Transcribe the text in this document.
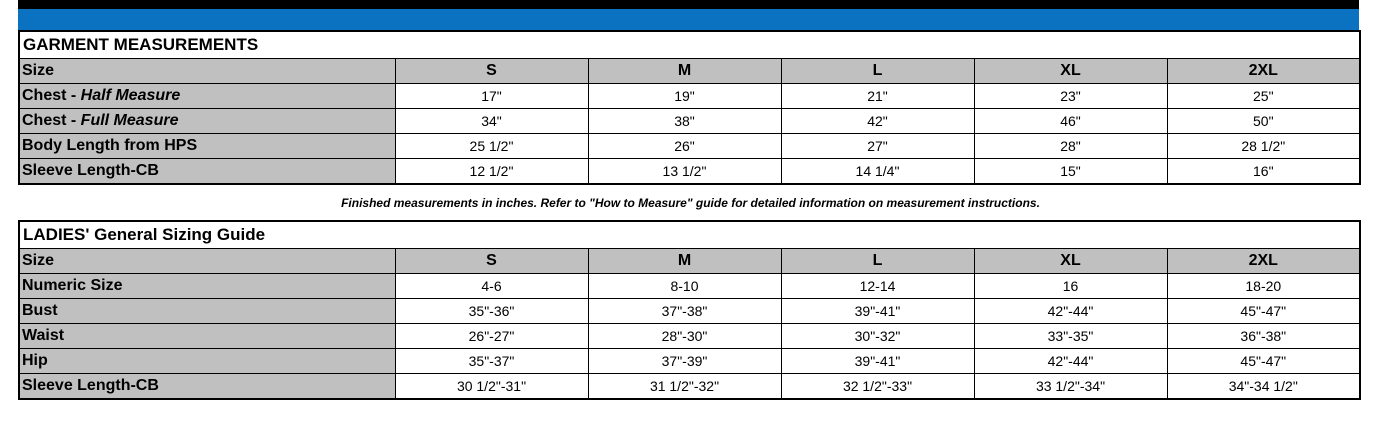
GARMENT MEASUREMENTS					
Size	S	M	L	XL	2XL
Chest - Half Measure	17"	19"	21"	23"	25"
Chest - Full Measure	34"	38"	42"	46"	50"
Body Length from HPS	25 1/2"	26"	27"	28"	28 1/2"
Sleeve Length-CB	12 1/2"	13 1/2"	14 1/4"	15"	16"
Finished measurements in inches. Refer to "How to Measure" guide for detailed information on measurement instructions.
LADIES' General Sizing Guide					
Size	S	M	L	XL	2XL
Numeric Size	4-6	8-10	12-14	16	18-20
Bust	35"-36"	37"-38"	39"-41"	42"-44"	45"-47"
Waist	26"-27"	28"-30"	30"-32"	33"-35"	36"-38"
Hip	35"-37"	37"-39"	39"-41"	42"-44"	45"-47"
Sleeve Length-CB	30 1/2"-31"	31 1/2"-32"	32 1/2"-33"	33 1/2"-34"	34"-34 1/2"
